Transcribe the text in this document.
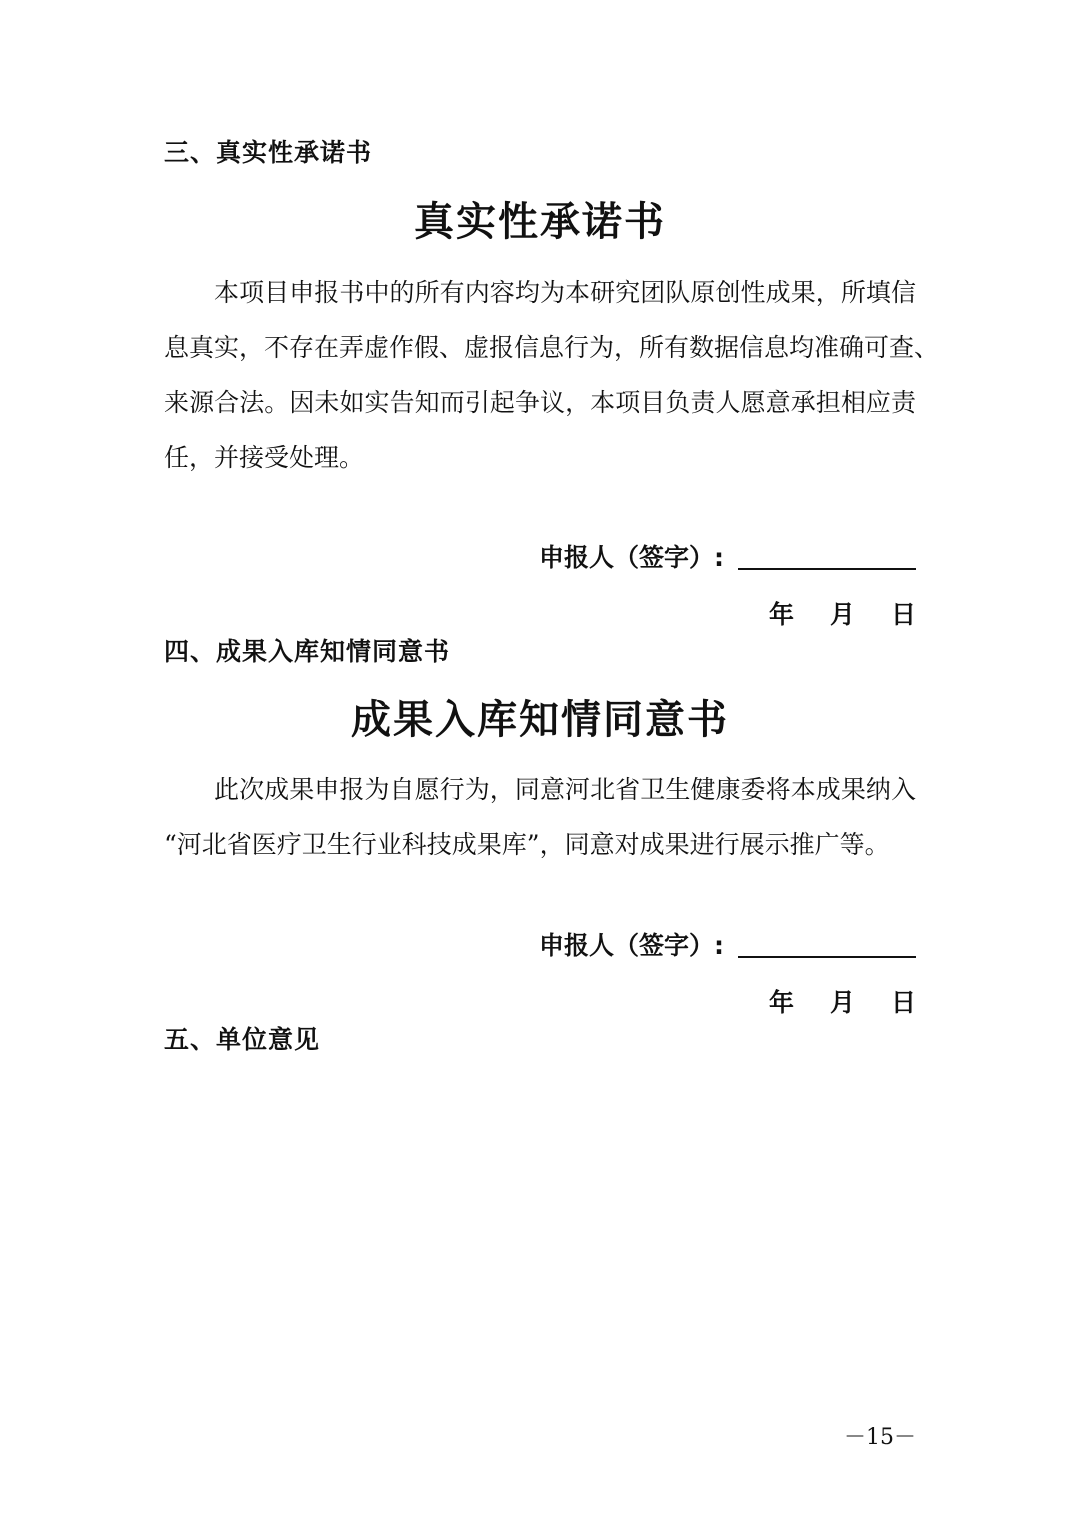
三、真实性承诺书
真实性承诺书
本项目申报书中的所有内容均为本研究团队原创性成果，所填信
息真实，不存在弄虚作假、虚报信息行为，所有数据信息均准确可查、
来源合法。因未如实告知而引起争议，本项目负责人愿意承担相应责
任，并接受处理。
申报人（签字）:
年 月 日
四、成果入库知情同意书
成果入库知情同意书
此次成果申报为自愿行为，同意河北省卫生健康委将本成果纳入
“河北省医疗卫生行业科技成果库”，同意对成果进行展示推广等。
申报人（签字）:
年 月 日
五、单位意见
－15－
